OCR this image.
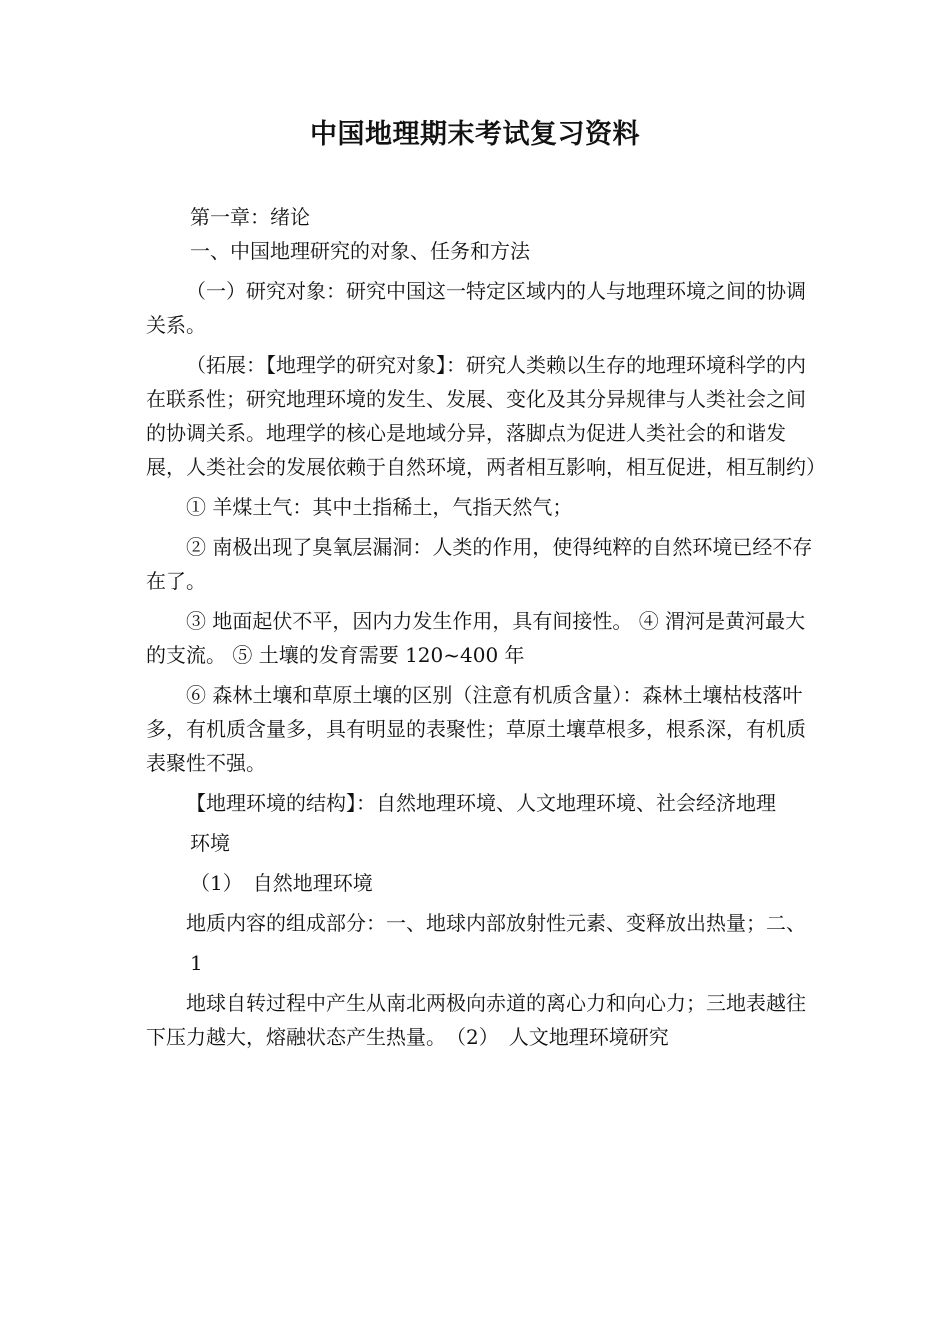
中国地理期末考试复习资料

第一章：绪论

一、中国地理研究的对象、任务和方法

（一）研究对象：研究中国这一特定区域内的人与地理环境之间的协调关系。

（拓展：【地理学的研究对象】：研究人类赖以生存的地理环境科学的内在联系性；研究地理环境的发生、发展、变化及其分异规律与人类社会之间的协调关系。地理学的核心是地域分异，落脚点为促进人类社会的和谐发展，人类社会的发展依赖于自然环境，两者相互影响，相互促进，相互制约）

① 羊煤土气：其中土指稀土，气指天然气；

② 南极出现了臭氧层漏洞：人类的作用，使得纯粹的自然环境已经不存在了。

③ 地面起伏不平，因内力发生作用，具有间接性。 ④ 渭河是黄河最大的支流。 ⑤ 土壤的发育需要 120~400 年

⑥ 森林土壤和草原土壤的区别（注意有机质含量）：森林土壤枯枝落叶多，有机质含量多，具有明显的表聚性；草原土壤草根多，根系深，有机质表聚性不强。

【地理环境的结构】：自然地理环境、人文地理环境、社会经济地理

环境

（1）　自然地理环境

地质内容的组成部分：一、地球内部放射性元素、变释放出热量；二、

1

地球自转过程中产生从南北两极向赤道的离心力和向心力；三地表越往下压力越大，熔融状态产生热量。　（2）　人文地理环境研究
